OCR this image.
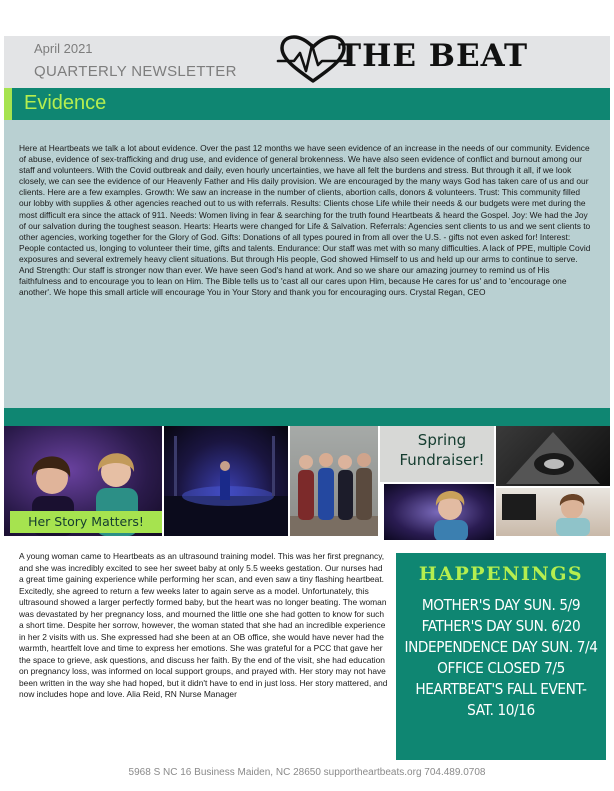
April 2021
QUARTERLY NEWSLETTER	THE BEAT
Evidence
Here at Heartbeats we talk a lot about evidence. Over the past 12 months we have seen evidence of an increase in the needs of our community. Evidence of abuse, evidence of sex-trafficking and drug use, and evidence of general brokenness. We have also seen evidence of conflict and burnout among our staff and volunteers. With the Covid outbreak and daily, even hourly uncertainties, we have all felt the burdens and stress. But through it all, if we look closely, we can see the evidence of our Heavenly Father and His daily provision. We are encouraged by the many ways God has taken care of us and our clients. Here are a few examples. Growth: We saw an increase in the number of clients, abortion calls, donors & volunteers. Trust: This community filled our lobby with supplies & other agencies reached out to us with referrals. Results: Clients chose Life while their needs & our budgets were met during the most difficult era since the attack of 911. Needs: Women living in fear & searching for the truth found Heartbeats & heard the Gospel. Joy: We had the Joy of our salvation during the toughest season. Hearts: Hearts were changed for Life & Salvation. Referrals: Agencies sent clients to us and we sent clients to other agencies, working together for the Glory of God. Gifts: Donations of all types poured in from all over the U.S. - gifts not even asked for! Interest: People contacted us, longing to volunteer their time, gifts and talents. Endurance: Our staff was met with so many difficulties. A lack of PPE, multiple Covid exposures and several extremely heavy client situations. But through His people, God showed Himself to us and held up our arms to continue to serve. And Strength: Our staff is stronger now than ever. We have seen God's hand at work. And so we share our amazing journey to remind us of His faithfulness and to encourage you to lean on Him. The Bible tells us to 'cast all our cares upon Him, because He cares for us' and to 'encourage one another'. We hope this small article will encourage You in Your Story and thank you for encouraging ours. Crystal Regan, CEO
Her Story Matters!
Spring Fundraiser!
A young woman came to Heartbeats as an ultrasound training model. This was her first pregnancy, and she was incredibly excited to see her sweet baby at only 5.5 weeks gestation. Our nurses had a great time gaining experience while performing her scan, and even saw a tiny flashing heartbeat. Excitedly, she agreed to return a few weeks later to again serve as a model. Unfortunately, this ultrasound showed a larger perfectly formed baby, but the heart was no longer beating. The woman was devastated by her pregnancy loss, and mourned the little one she had gotten to know for such a short time. Despite her sorrow, however, the woman stated that she had an incredible experience in her 2 visits with us. She expressed had she been at an OB office, she would have never had the warmth, heartfelt love and time to express her emotions. She was grateful for a PCC that gave her the space to grieve, ask questions, and discuss her faith. By the end of the visit, she had education on pregnancy loss, was informed on local support groups, and prayed with. Her story may not have been written in the way she had hoped, but it didn't have to end in just loss. Her story mattered, and now includes hope and love. Alia Reid, RN Nurse Manager
HAPPENINGS
MOTHER'S DAY SUN. 5/9
FATHER'S DAY SUN. 6/20
INDEPENDENCE DAY SUN. 7/4
OFFICE CLOSED 7/5
HEARTBEAT'S FALL EVENT-
SAT. 10/16
5968 S NC 16 Business Maiden, NC 28650 supportheartbeats.org 704.489.0708
